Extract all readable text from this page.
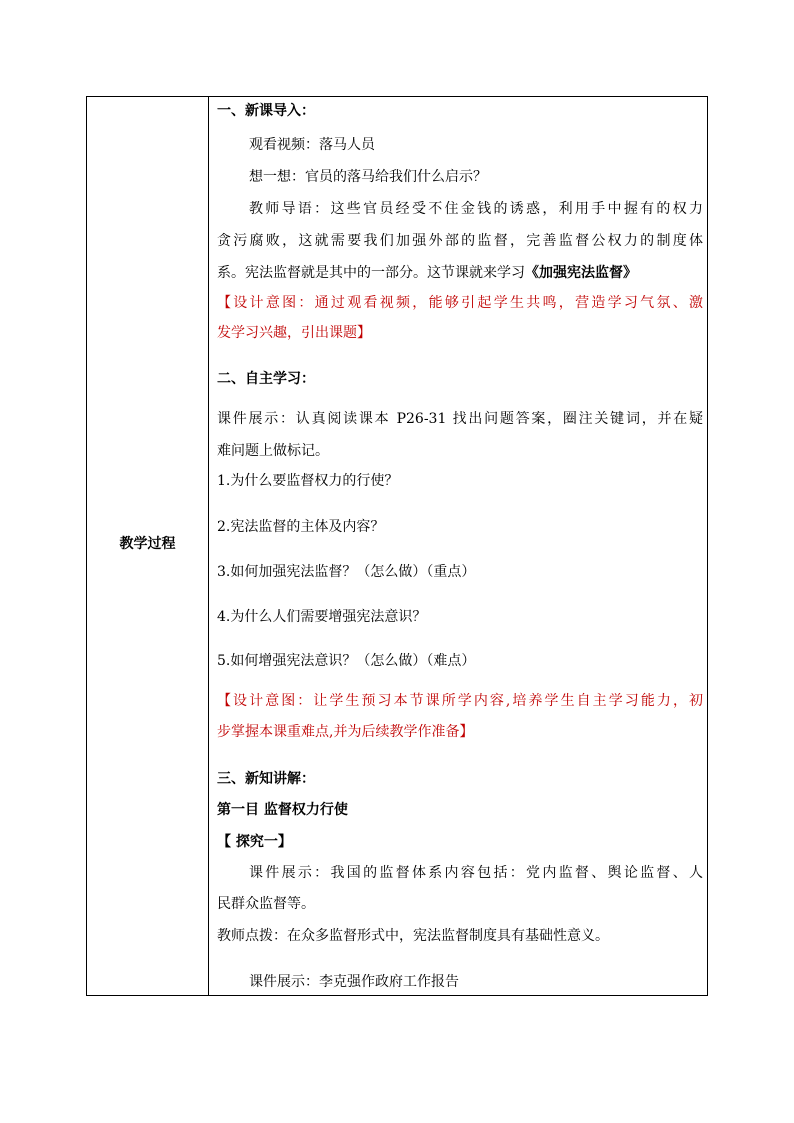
教学过程
一、新课导入：
观看视频：落马人员
想一想：官员的落马给我们什么启示？
教师导语：这些官员经受不住金钱的诱惑，利用手中握有的权力
贪污腐败，这就需要我们加强外部的监督，完善监督公权力的制度体
系。宪法监督就是其中的一部分。这节课就来学习《加强宪法监督》
【设计意图：通过观看视频，能够引起学生共鸣，营造学习气氛、激
发学习兴趣，引出课题】
二、自主学习：
课件展示：认真阅读课本 P26-31 找出问题答案，圈注关键词，并在疑
难问题上做标记。
1.为什么要监督权力的行使？
2.宪法监督的主体及内容？
3.如何加强宪法监督？（怎么做）（重点）
4.为什么人们需要增强宪法意识？
5.如何增强宪法意识？（怎么做）（难点）
【设计意图：让学生预习本节课所学内容,培养学生自主学习能力，初
步掌握本课重难点,并为后续教学作准备】
三、新知讲解：
第一目 监督权力行使
【 探究一】
课件展示：我国的监督体系内容包括：党内监督、舆论监督、人
民群众监督等。
教师点拨：在众多监督形式中，宪法监督制度具有基础性意义。
课件展示：李克强作政府工作报告
